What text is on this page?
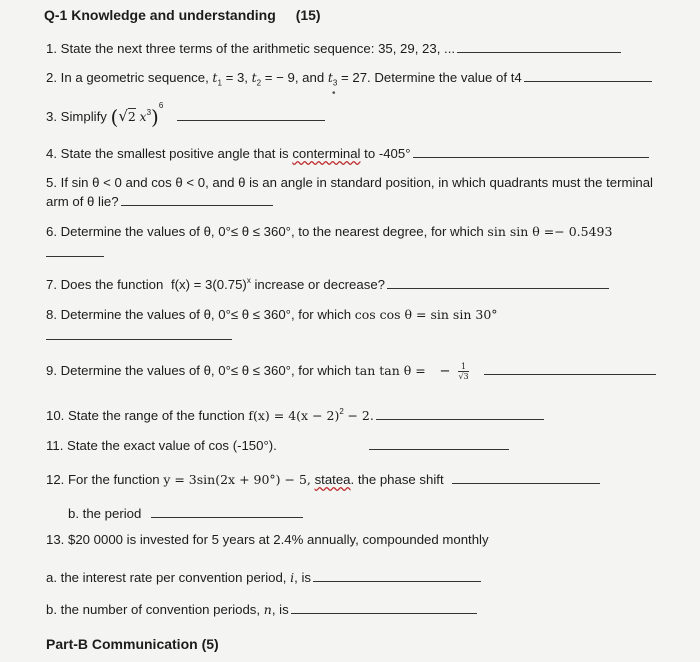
Q-1 Knowledge and understanding (15)
1. State the next three terms of the arithmetic sequence: 35, 29, 23, ...
2. In a geometric sequence, $t_1 = 3$, $t_2$ = − 9, and $t_3 = 27$. Determine the value of t4
•
3. Simplify (√2 $x^3)^6$
4. State the smallest positive angle that is conterminal to -405°
5. If sin θ < 0 and cos θ < 0, and θ is an angle in standard position, in which quadrants must the terminal
arm of θ lie?
6. Determine the values of θ, 0°≤ θ ≤ 360°, to the nearest degree, for which sin sin θ =− 0.5493
7. Does the function $f(x) = 3(0.75)^x$ increase or decrease?
8. Determine the values of θ, 0°≤ θ ≤ 360°, for which cos cos θ = sin sin 30°
9. Determine the values of θ, 0°≤ θ ≤ 360°, for which tan tan θ = − $\frac{1}{√3}$

10. State the range of the function $f(x) = 4(x - 2)^2 - 2$.
11. State the exact value of cos (-150°).
12. For the function y = 3sin(2x + 90°) − 5, statea. the phase shift
b. the period
13. $20 0000 is invested for 5 years at 2.4% annually, compounded monthly
a. the interest rate per convention period, i, is
b. the number of convention periods, n, is
Part-B Communication (5)
